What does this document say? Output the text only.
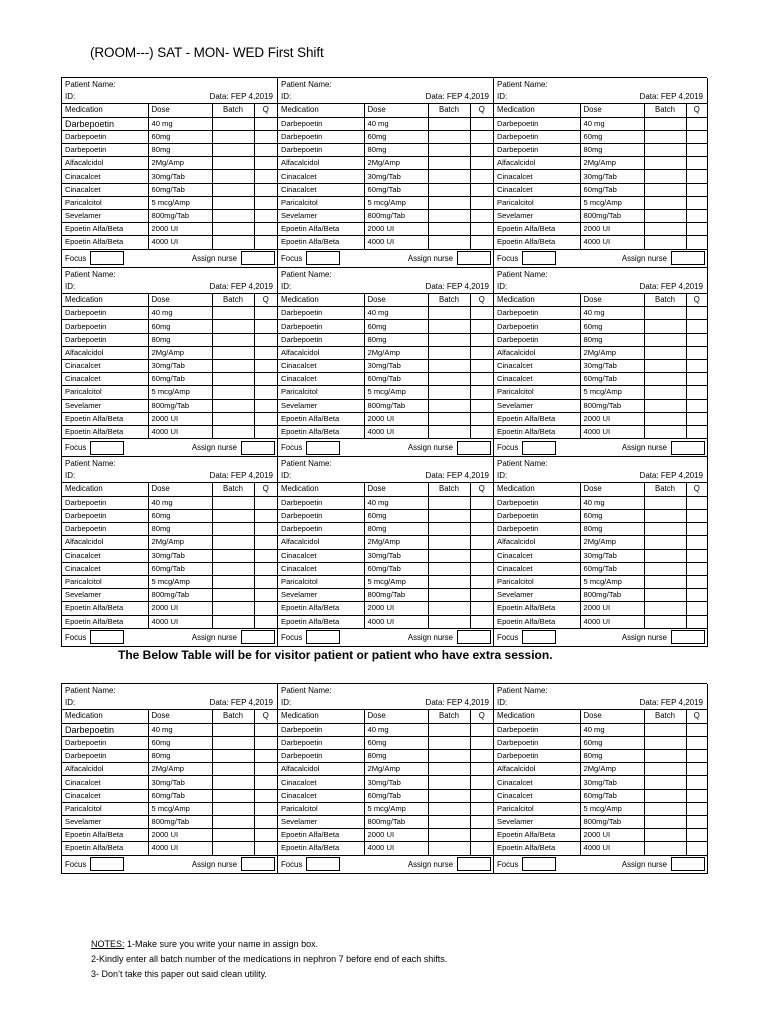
(ROOM---) SAT - MON- WED First Shift
Patient Name:
ID:	Data: FEP 4,2019
Medication	Dose	Batch	Q
Darbepoetin	40 mg		
Darbepoetin	60mg		
Darbepoetin	80mg		
Alfacalcidol	2Mg/Amp		
Cinacalcet	30mg/Tab		
Cinacalcet	60mg/Tab		
Paricalcitol	5 mcg/Amp		
Sevelamer	800mg/Tab		
Epoetin Alfa/Beta	2000 UI		
Epoetin Alfa/Beta	4000 UI		
Focus	Assign nurse
Patient Name:
ID:	Data: FEP 4,2019
Medication	Dose	Batch	Q
Darbepoetin	40 mg		
Darbepoetin	60mg		
Darbepoetin	80mg		
Alfacalcidol	2Mg/Amp		
Cinacalcet	30mg/Tab		
Cinacalcet	60mg/Tab		
Paricalcitol	5 mcg/Amp		
Sevelamer	800mg/Tab		
Epoetin Alfa/Beta	2000 UI		
Epoetin Alfa/Beta	4000 UI		
Focus	Assign nurse
Patient Name:
ID:	Data: FEP 4,2019
Medication	Dose	Batch	Q
Darbepoetin	40 mg		
Darbepoetin	60mg		
Darbepoetin	80mg		
Alfacalcidol	2Mg/Amp		
Cinacalcet	30mg/Tab		
Cinacalcet	60mg/Tab		
Paricalcitol	5 mcg/Amp		
Sevelamer	800mg/Tab		
Epoetin Alfa/Beta	2000 UI		
Epoetin Alfa/Beta	4000 UI		
Focus	Assign nurse
Patient Name:
ID:	Data: FEP 4,2019
Medication	Dose	Batch	Q
Darbepoetin	40 mg		
Darbepoetin	60mg		
Darbepoetin	80mg		
Alfacalcidol	2Mg/Amp		
Cinacalcet	30mg/Tab		
Cinacalcet	60mg/Tab		
Paricalcitol	5 mcg/Amp		
Sevelamer	800mg/Tab		
Epoetin Alfa/Beta	2000 UI		
Epoetin Alfa/Beta	4000 UI		
Focus	Assign nurse
Patient Name:
ID:	Data: FEP 4,2019
Medication	Dose	Batch	Q
Darbepoetin	40 mg		
Darbepoetin	60mg		
Darbepoetin	80mg		
Alfacalcidol	2Mg/Amp		
Cinacalcet	30mg/Tab		
Cinacalcet	60mg/Tab		
Paricalcitol	5 mcg/Amp		
Sevelamer	800mg/Tab		
Epoetin Alfa/Beta	2000 UI		
Epoetin Alfa/Beta	4000 UI		
Focus	Assign nurse
Patient Name:
ID:	Data: FEP 4,2019
Medication	Dose	Batch	Q
Darbepoetin	40 mg		
Darbepoetin	60mg		
Darbepoetin	80mg		
Alfacalcidol	2Mg/Amp		
Cinacalcet	30mg/Tab		
Cinacalcet	60mg/Tab		
Paricalcitol	5 mcg/Amp		
Sevelamer	800mg/Tab		
Epoetin Alfa/Beta	2000 UI		
Epoetin Alfa/Beta	4000 UI		
Focus	Assign nurse
Patient Name:
ID:	Data: FEP 4,2019
Medication	Dose	Batch	Q
Darbepoetin	40 mg		
Darbepoetin	60mg		
Darbepoetin	80mg		
Alfacalcidol	2Mg/Amp		
Cinacalcet	30mg/Tab		
Cinacalcet	60mg/Tab		
Paricalcitol	5 mcg/Amp		
Sevelamer	800mg/Tab		
Epoetin Alfa/Beta	2000 UI		
Epoetin Alfa/Beta	4000 UI		
Focus	Assign nurse
Patient Name:
ID:	Data: FEP 4,2019
Medication	Dose	Batch	Q
Darbepoetin	40 mg		
Darbepoetin	60mg		
Darbepoetin	80mg		
Alfacalcidol	2Mg/Amp		
Cinacalcet	30mg/Tab		
Cinacalcet	60mg/Tab		
Paricalcitol	5 mcg/Amp		
Sevelamer	800mg/Tab		
Epoetin Alfa/Beta	2000 UI		
Epoetin Alfa/Beta	4000 UI		
Focus	Assign nurse
Patient Name:
ID:	Data: FEP 4,2019
Medication	Dose	Batch	Q
Darbepoetin	40 mg		
Darbepoetin	60mg		
Darbepoetin	80mg		
Alfacalcidol	2Mg/Amp		
Cinacalcet	30mg/Tab		
Cinacalcet	60mg/Tab		
Paricalcitol	5 mcg/Amp		
Sevelamer	800mg/Tab		
Epoetin Alfa/Beta	2000 UI		
Epoetin Alfa/Beta	4000 UI		
Focus	Assign nurse
The Below Table will be for visitor patient or patient who have extra session.
Patient Name:
ID:	Data: FEP 4,2019
Medication	Dose	Batch	Q
Darbepoetin	40 mg		
Darbepoetin	60mg		
Darbepoetin	80mg		
Alfacalcidol	2Mg/Amp		
Cinacalcet	30mg/Tab		
Cinacalcet	60mg/Tab		
Paricalcitol	5 mcg/Amp		
Sevelamer	800mg/Tab		
Epoetin Alfa/Beta	2000 UI		
Epoetin Alfa/Beta	4000 UI		
Focus	Assign nurse
Patient Name:
ID:	Data: FEP 4,2019
Medication	Dose	Batch	Q
Darbepoetin	40 mg		
Darbepoetin	60mg		
Darbepoetin	80mg		
Alfacalcidol	2Mg/Amp		
Cinacalcet	30mg/Tab		
Cinacalcet	60mg/Tab		
Paricalcitol	5 mcg/Amp		
Sevelamer	800mg/Tab		
Epoetin Alfa/Beta	2000 UI		
Epoetin Alfa/Beta	4000 UI		
Focus	Assign nurse
Patient Name:
ID:	Data: FEP 4,2019
Medication	Dose	Batch	Q
Darbepoetin	40 mg		
Darbepoetin	60mg		
Darbepoetin	80mg		
Alfacalcidol	2Mg/Amp		
Cinacalcet	30mg/Tab		
Cinacalcet	60mg/Tab		
Paricalcitol	5 mcg/Amp		
Sevelamer	800mg/Tab		
Epoetin Alfa/Beta	2000 UI		
Epoetin Alfa/Beta	4000 UI		
Focus	Assign nurse
NOTES: 1-Make sure you write your name in assign box.
2-Kindly enter all batch number of the medications in nephron 7 before end of each shifts.
3- Don’t take this paper out said clean utility.
